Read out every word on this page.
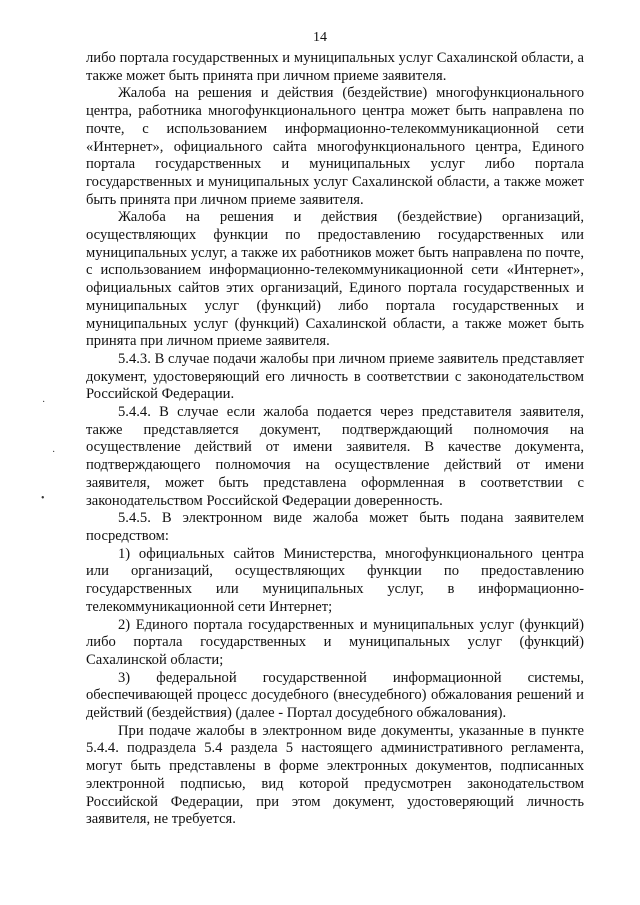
14

либо портала государственных и муниципальных услуг Сахалинской области, а также может быть принята при личном приеме заявителя.

Жалоба на решения и действия (бездействие) многофункционального центра, работника многофункционального центра может быть направлена по почте, с использованием информационно-телекоммуникационной сети «Интернет», официального сайта многофункционального центра, Единого портала государственных и муниципальных услуг либо портала государственных и муниципальных услуг Сахалинской области, а также может быть принята при личном приеме заявителя.

Жалоба на решения и действия (бездействие) организаций, осуществляющих функции по предоставлению государственных или муниципальных услуг, а также их работников может быть направлена по почте, с использованием информационно-телекоммуникационной сети «Интернет», официальных сайтов этих организаций, Единого портала государственных и муниципальных услуг (функций) либо портала государственных и муниципальных услуг (функций) Сахалинской области, а также может быть принята при личном приеме заявителя.

5.4.3. В случае подачи жалобы при личном приеме заявитель представляет документ, удостоверяющий его личность в соответствии с законодательством Российской Федерации.

5.4.4. В случае если жалоба подается через представителя заявителя, также представляется документ, подтверждающий полномочия на осуществление действий от имени заявителя. В качестве документа, подтверждающего полномочия на осуществление действий от имени заявителя, может быть представлена оформленная в соответствии с законодательством Российской Федерации доверенность.

5.4.5. В электронном виде жалоба может быть подана заявителем посредством:

1) официальных сайтов Министерства, многофункционального центра или организаций, осуществляющих функции по предоставлению государственных или муниципальных услуг, в информационно-телекоммуникационной сети Интернет;

2) Единого портала государственных и муниципальных услуг (функций) либо портала государственных и муниципальных услуг (функций) Сахалинской области;

3) федеральной государственной информационной системы, обеспечивающей процесс досудебного (внесудебного) обжалования решений и действий (бездействия) (далее - Портал досудебного обжалования).

При подаче жалобы в электронном виде документы, указанные в пункте 5.4.4. подраздела 5.4 раздела 5 настоящего административного регламента, могут быть представлены в форме электронных документов, подписанных электронной подписью, вид которой предусмотрен законодательством Российской Федерации, при этом документ, удостоверяющий личность заявителя, не требуется.

·
·
•
